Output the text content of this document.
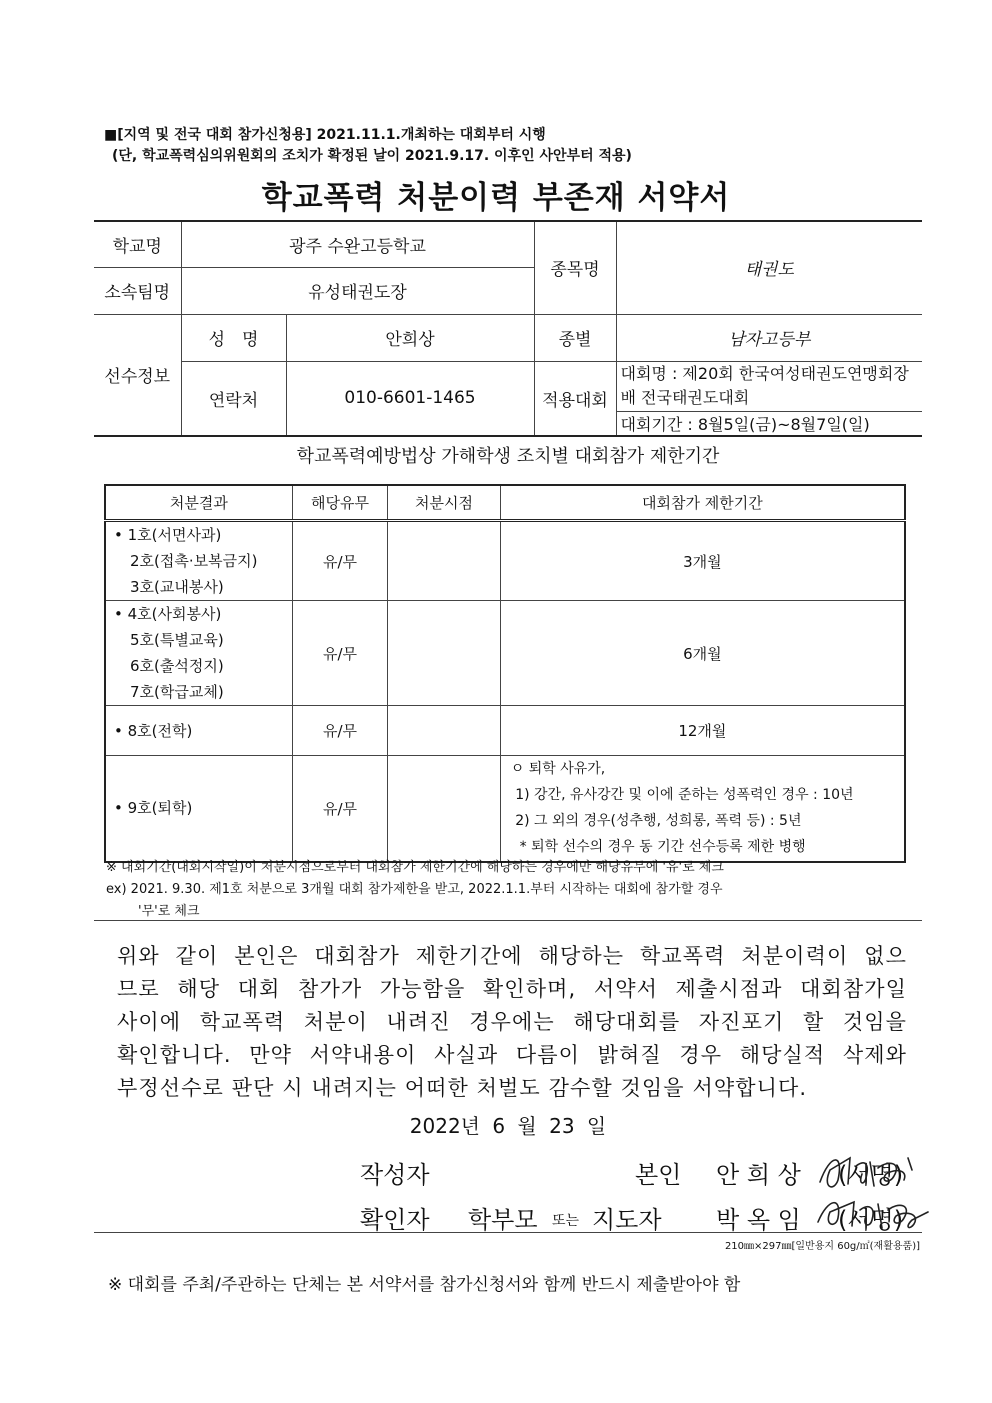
■[지역 및 전국 대회 참가신청용] 2021.11.1.개최하는 대회부터 시행
(단, 학교폭력심의위원회의 조치가 확정된 날이 2021.9.17. 이후인 사안부터 적용)
학교폭력 처분이력 부존재 서약서
학교명	광주 수완고등학교		종목명	태권도
소속팀명	유성태권도장			
선수정보	성　명	안희상	종별	남자고등부
	연락처	010-6601-1465	적용대회	대회명 : 제20회 한국여성태권도연맹회장배 전국태권도대회
				대회기간 : 8월5일(금)~8월7일(일)
학교폭력예방법상 가해학생 조치별 대회참가 제한기간
처분결과	해당유무	처분시점	대회참가 제한기간

• 1호(서면사과)
2호(접촉·보복금지)
3호(교내봉사)	유/무		3개월

• 4호(사회봉사)
5호(특별교육)
6호(출석정지)
7호(학급교체)	유/무		6개월

• 8호(전학)	유/무		12개월

• 9호(퇴학)	유/무		ㅇ 퇴학 사유가,
1) 강간, 유사강간 및 이에 준하는 성폭력인 경우 : 10년
2) 그 외의 경우(성추행, 성희롱, 폭력 등) : 5년
* 퇴학 선수의 경우 동 기간 선수등록 제한 병행
※ 대회기간(대회시작일)이 처분시점으로부터 대회참가 제한기간에 해당하는 경우에만 해당유무에 '유'로 체크
ex) 2021. 9.30. 제1호 처분으로 3개월 대회 참가제한을 받고, 2022.1.1.부터 시작하는 대회에 참가할 경우
'무'로 체크
위와 같이 본인은 대회참가 제한기간에 해당하는 학교폭력 처분이력이 없으
므로 해당 대회 참가가 가능함을 확인하며, 서약서 제출시점과 대회참가일
사이에 학교폭력 처분이 내려진 경우에는 해당대회를 자진포기 할 것임을
확인합니다. 만약 서약내용이 사실과 다름이 밝혀질 경우 해당실적 삭제와
부정선수로 판단 시 내려지는 어떠한 처벌도 감수할 것임을 서약합니다.
2022년 6 월 23 일
작성자	본인 안 희 상 (서명)
확인자 학부모 또는 지도자 박 옥 임 (서명)
210㎜×297㎜[일반용지 60g/㎡(재활용품)]
※ 대회를 주최/주관하는 단체는 본 서약서를 참가신청서와 함께 반드시 제출받아야 함
